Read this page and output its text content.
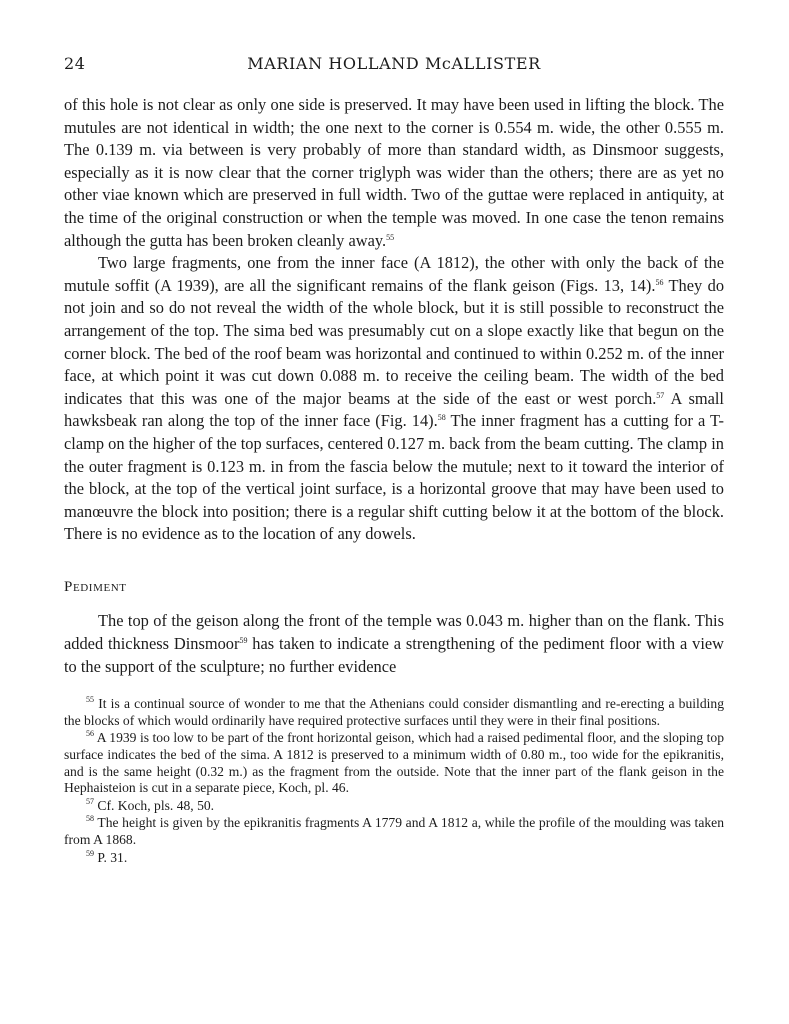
24	MARIAN HOLLAND McALLISTER

of this hole is not clear as only one side is preserved. It may have been used in lifting the block. The mutules are not identical in width; the one next to the corner is 0.554 m. wide, the other 0.555 m. The 0.139 m. via between is very probably of more than standard width, as Dinsmoor suggests, especially as it is now clear that the corner triglyph was wider than the others; there are as yet no other viae known which are preserved in full width. Two of the guttae were replaced in antiquity, at the time of the original construction or when the temple was moved. In one case the tenon remains although the gutta has been broken cleanly away.$^{55}$

Two large fragments, one from the inner face (A 1812), the other with only the back of the mutule soffit (A 1939), are all the significant remains of the flank geison (Figs. 13, 14).$^{56}$ They do not join and so do not reveal the width of the whole block, but it is still possible to reconstruct the arrangement of the top. The sima bed was presumably cut on a slope exactly like that begun on the corner block. The bed of the roof beam was horizontal and continued to within 0.252 m. of the inner face, at which point it was cut down 0.088 m. to receive the ceiling beam. The width of the bed indicates that this was one of the major beams at the side of the east or west porch.$^{57}$ A small hawksbeak ran along the top of the inner face (Fig. 14).$^{58}$ The inner fragment has a cutting for a T-clamp on the higher of the top surfaces, centered 0.127 m. back from the beam cutting. The clamp in the outer fragment is 0.123 m. in from the fascia below the mutule; next to it toward the interior of the block, at the top of the vertical joint surface, is a horizontal groove that may have been used to manœuvre the block into position; there is a regular shift cutting below it at the bottom of the block. There is no evidence as to the location of any dowels.

Pediment

The top of the geison along the front of the temple was 0.043 m. higher than on the flank. This added thickness Dinsmoor$^{59}$ has taken to indicate a strengthening of the pediment floor with a view to the support of the sculpture; no further evidence

$^{55}$ It is a continual source of wonder to me that the Athenians could consider dismantling and re-erecting a building the blocks of which would ordinarily have required protective surfaces until they were in their final positions.

$^{56}$ A 1939 is too low to be part of the front horizontal geison, which had a raised pedimental floor, and the sloping top surface indicates the bed of the sima. A 1812 is preserved to a minimum width of 0.80 m., too wide for the epikranitis, and is the same height (0.32 m.) as the fragment from the outside. Note that the inner part of the flank geison in the Hephaisteion is cut in a separate piece, Koch, pl. 46.

$^{57}$ Cf. Koch, pls. 48, 50.

$^{58}$ The height is given by the epikranitis fragments A 1779 and A 1812 a, while the profile of the moulding was taken from A 1868.

$^{59}$ P. 31.
